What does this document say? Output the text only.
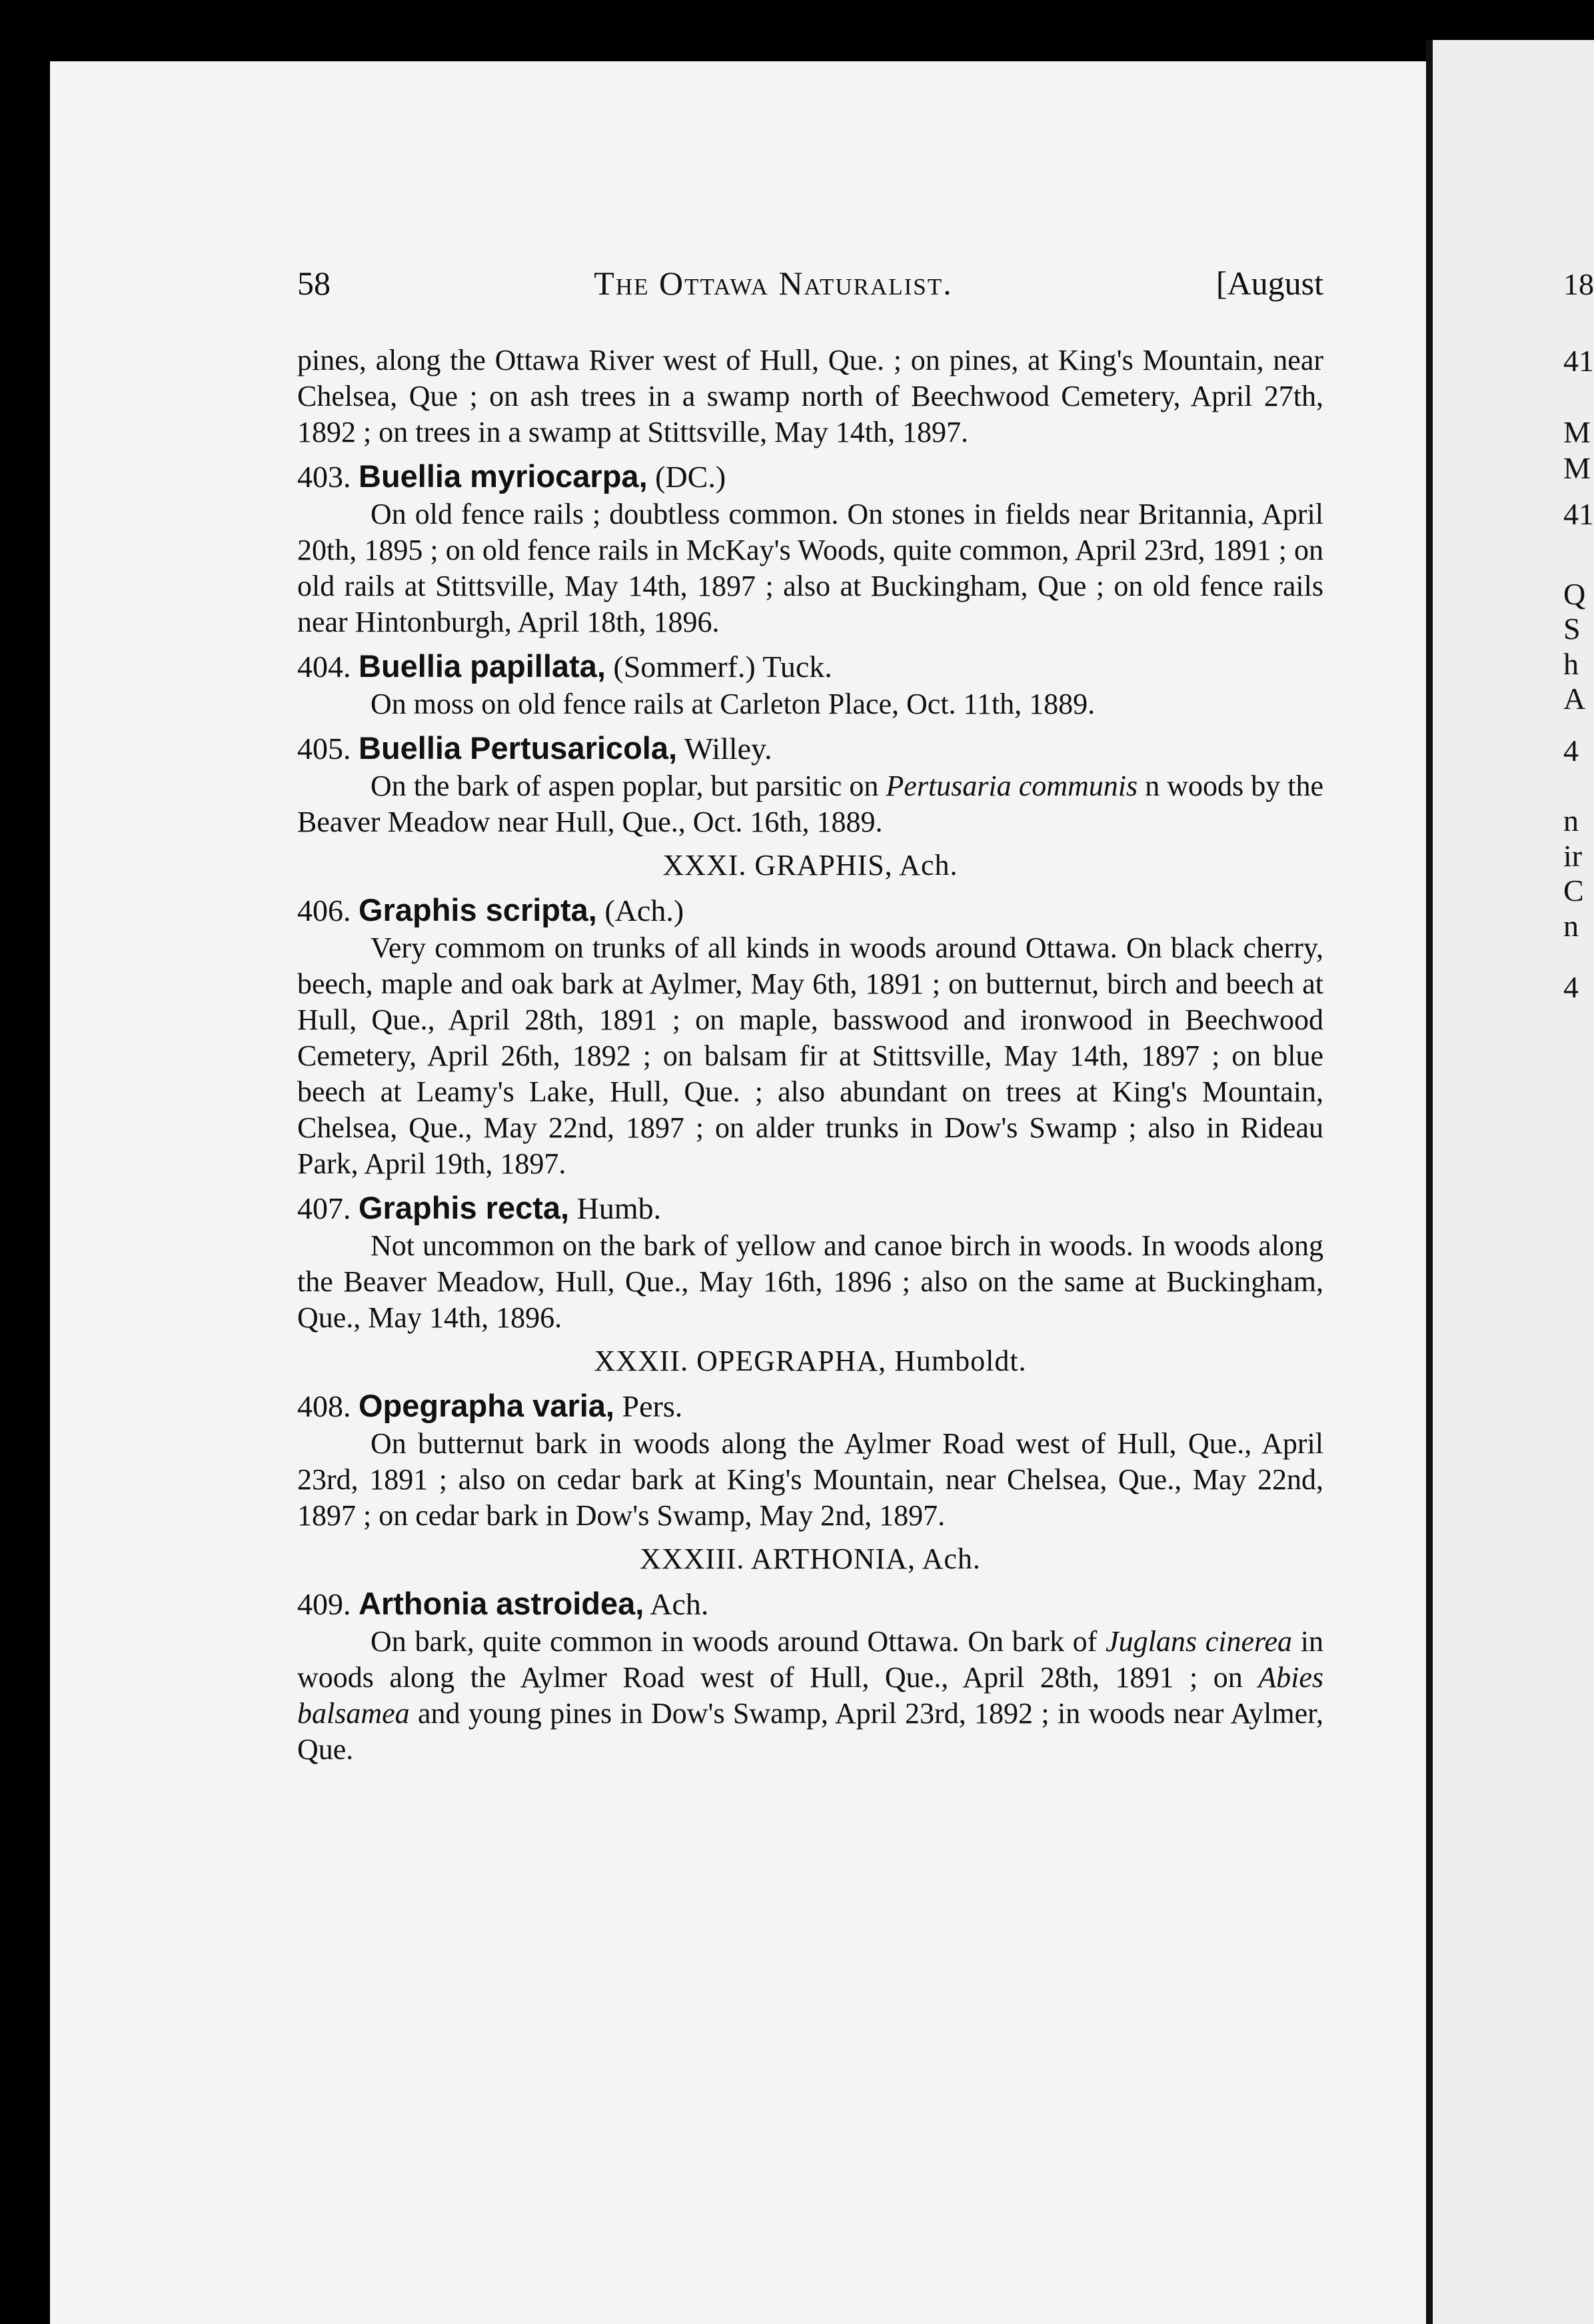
18
41
M
M
41
Q
S
h
A
4
n
ir
C
n
4
58	The Ottawa Naturalist.	[August

pines, along the Ottawa River west of Hull, Que. ; on pines, at King's Mountain, near Chelsea, Que ; on ash trees in a swamp north of Beechwood Cemetery, April 27th, 1892 ; on trees in a swamp at Stittsville, May 14th, 1897.

403. Buellia myriocarpa, (DC.)

On old fence rails ; doubtless common. On stones in fields near Britannia, April 20th, 1895 ; on old fence rails in McKay's Woods, quite common, April 23rd, 1891 ; on old rails at Stittsville, May 14th, 1897 ; also at Buckingham, Que ; on old fence rails near Hintonburgh, April 18th, 1896.

404. Buellia papillata, (Sommerf.) Tuck.

On moss on old fence rails at Carleton Place, Oct. 11th, 1889.

405. Buellia Pertusaricola, Willey.

On the bark of aspen poplar, but parsitic on Pertusaria communis n woods by the Beaver Meadow near Hull, Que., Oct. 16th, 1889.

XXXI. GRAPHIS, Ach.
406. Graphis scripta, (Ach.)

Very commom on trunks of all kinds in woods around Ottawa. On black cherry, beech, maple and oak bark at Aylmer, May 6th, 1891 ; on butternut, birch and beech at Hull, Que., April 28th, 1891 ; on maple, basswood and ironwood in Beechwood Cemetery, April 26th, 1892 ; on balsam fir at Stittsville, May 14th, 1897 ; on blue beech at Leamy's Lake, Hull, Que. ; also abundant on trees at King's Mountain, Chelsea, Que., May 22nd, 1897 ; on alder trunks in Dow's Swamp ; also in Rideau Park, April 19th, 1897.

407. Graphis recta, Humb.

Not uncommon on the bark of yellow and canoe birch in woods. In woods along the Beaver Meadow, Hull, Que., May 16th, 1896 ; also on the same at Buckingham, Que., May 14th, 1896.

XXXII. OPEGRAPHA, Humboldt.
408. Opegrapha varia, Pers.

On butternut bark in woods along the Aylmer Road west of Hull, Que., April 23rd, 1891 ; also on cedar bark at King's Mountain, near Chelsea, Que., May 22nd, 1897 ; on cedar bark in Dow's Swamp, May 2nd, 1897.

XXXIII. ARTHONIA, Ach.
409. Arthonia astroidea, Ach.

On bark, quite common in woods around Ottawa. On bark of Juglans cinerea in woods along the Aylmer Road west of Hull, Que., April 28th, 1891 ; on Abies balsamea and young pines in Dow's Swamp, April 23rd, 1892 ; in woods near Aylmer, Que.
